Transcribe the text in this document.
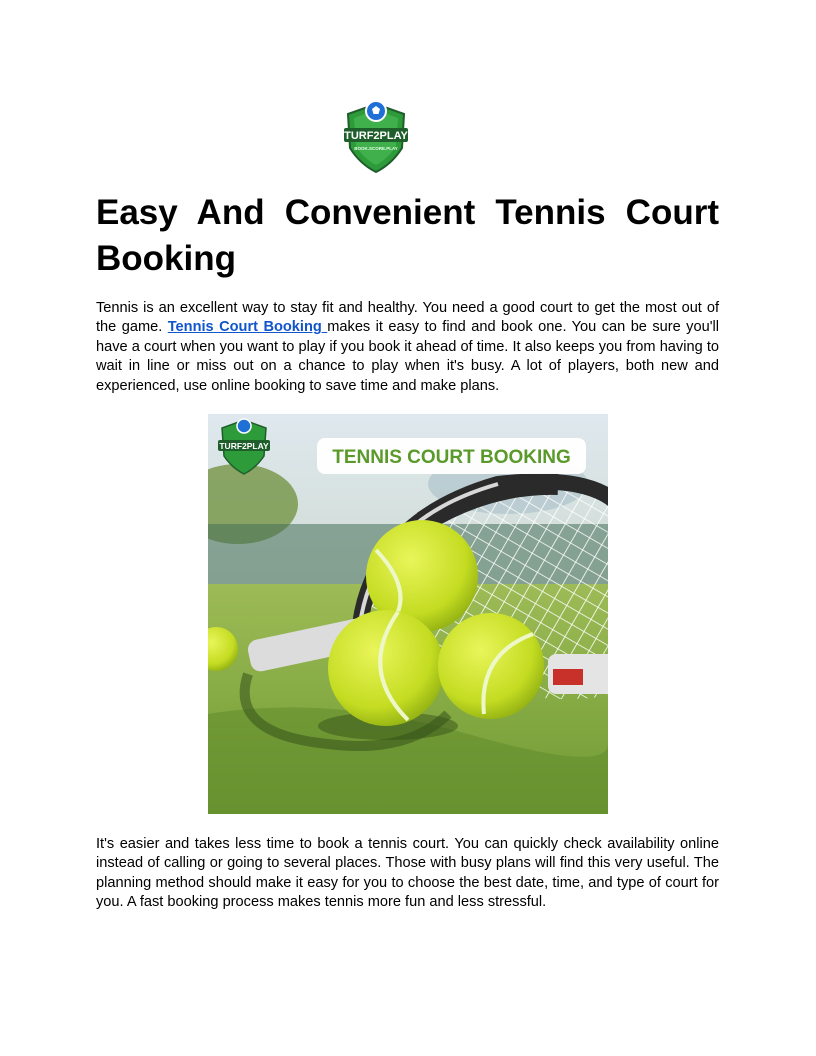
TURF2PLAY
BOOK.SCORE.PLAY
Easy And Convenient Tennis Court Booking

Tennis is an excellent way to stay fit and healthy. You need a good court to get the most out of the game. Tennis Court Booking makes it easy to find and book one. You can be sure you'll have a court when you want to play if you book it ahead of time. It also keeps you from having to wait in line or miss out on a chance to play when it's busy. A lot of players, both new and experienced, use online booking to save time and make plans.

TENNIS COURT BOOKING
TURF2PLAY

It's easier and takes less time to book a tennis court. You can quickly check availability online instead of calling or going to several places. Those with busy plans will find this very useful. The planning method should make it easy for you to choose the best date, time, and type of court for you. A fast booking process makes tennis more fun and less stressful.
